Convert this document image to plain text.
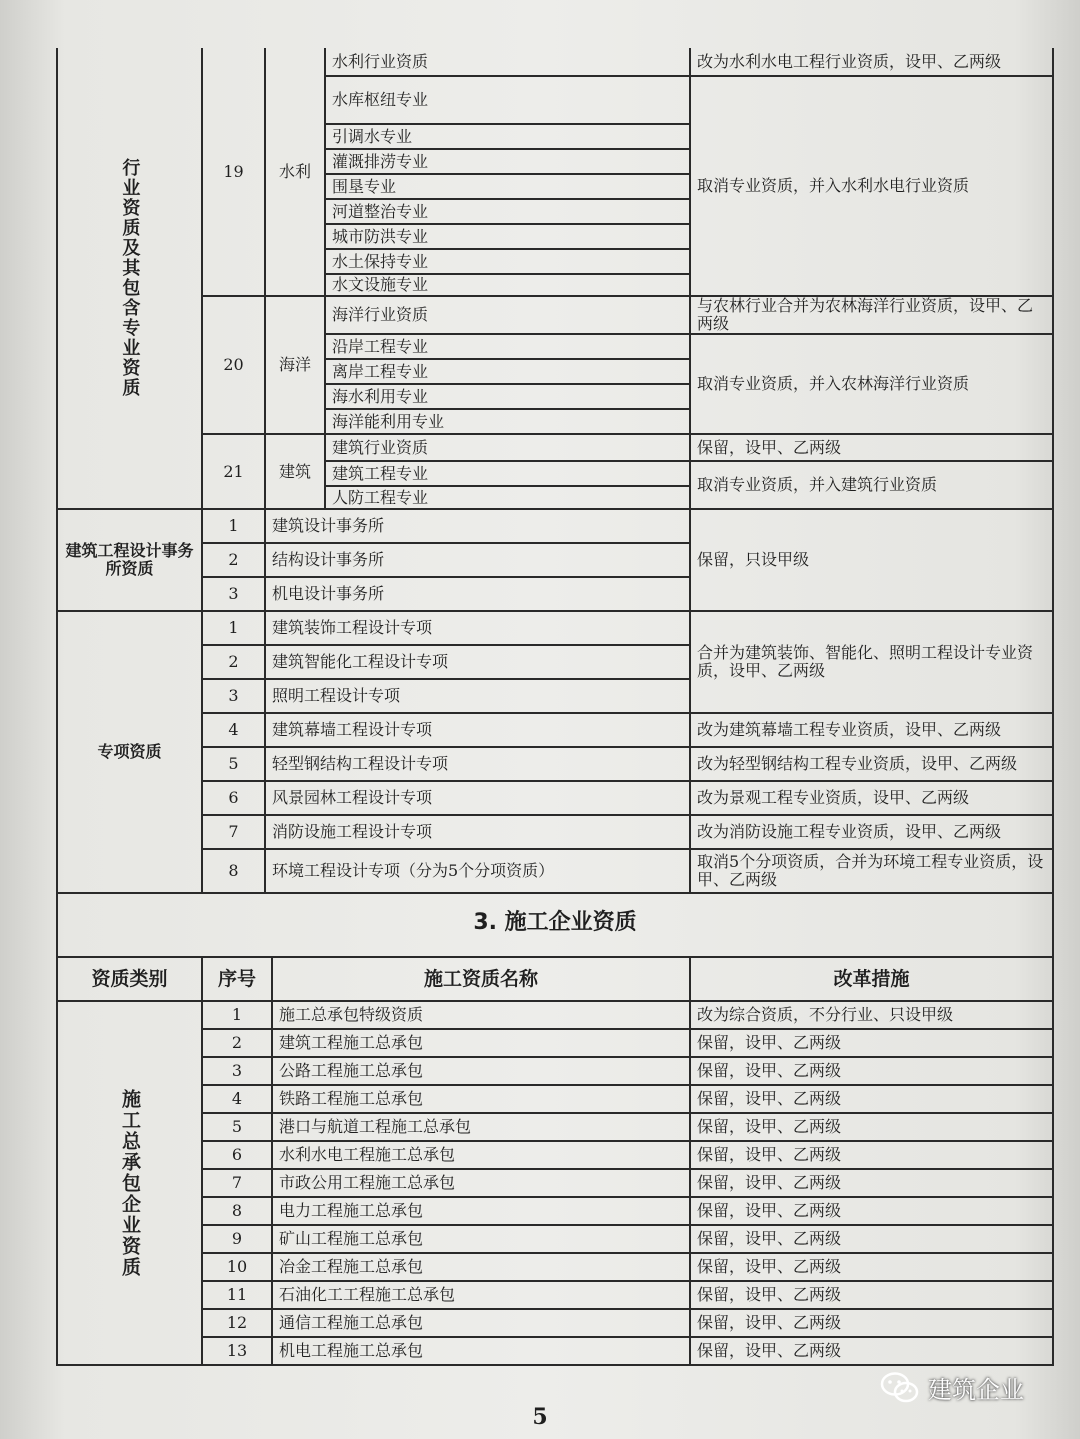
行业资质及其包含专业资质	19	水利	水利行业资质	改为水利水电工程行业资质，设甲、乙两级
			水库枢纽专业	取消专业资质，并入水利水电行业资质
			引调水专业	
			灌溉排涝专业	
			围垦专业	
			河道整治专业	
			城市防洪专业	
			水土保持专业	
			水文设施专业	
	20	海洋	海洋行业资质	与农林行业合并为农林海洋行业资质，设甲、乙两级
			沿岸工程专业	取消专业资质，并入农林海洋行业资质
			离岸工程专业	
			海水利用专业	
			海洋能利用专业	
	21	建筑	建筑行业资质	保留，设甲、乙两级
			建筑工程专业	取消专业资质，并入建筑行业资质
			人防工程专业	

建筑工程设计事务所资质	1	建筑设计事务所		保留，只设甲级
	2	结构设计事务所		
	3	机电设计事务所		

专项资质	1	建筑装饰工程设计专项		合并为建筑装饰、智能化、照明工程设计专业资质，设甲、乙两级
	2	建筑智能化工程设计专项		
	3	照明工程设计专项		
	4	建筑幕墙工程设计专项		改为建筑幕墙工程专业资质，设甲、乙两级
	5	轻型钢结构工程设计专项		改为轻型钢结构工程专业资质，设甲、乙两级
	6	风景园林工程设计专项		改为景观工程专业资质，设甲、乙两级
	7	消防设施工程设计专项		改为消防设施工程专业资质，设甲、乙两级
	8	环境工程设计专项（分为5个分项资质）		取消5个分项资质，合并为环境工程专业资质，设甲、乙两级
3. 施工企业资质
资质类别	序号	施工资质名称	改革措施

施工总承包企业资质	1	施工总承包特级资质	改为综合资质，不分行业、只设甲级
	2	建筑工程施工总承包	保留，设甲、乙两级
	3	公路工程施工总承包	保留，设甲、乙两级
	4	铁路工程施工总承包	保留，设甲、乙两级
	5	港口与航道工程施工总承包	保留，设甲、乙两级
	6	水利水电工程施工总承包	保留，设甲、乙两级
	7	市政公用工程施工总承包	保留，设甲、乙两级
	8	电力工程施工总承包	保留，设甲、乙两级
	9	矿山工程施工总承包	保留，设甲、乙两级
	10	冶金工程施工总承包	保留，设甲、乙两级
	11	石油化工工程施工总承包	保留，设甲、乙两级
	12	通信工程施工总承包	保留，设甲、乙两级
	13	机电工程施工总承包	保留，设甲、乙两级
建筑企业
5
